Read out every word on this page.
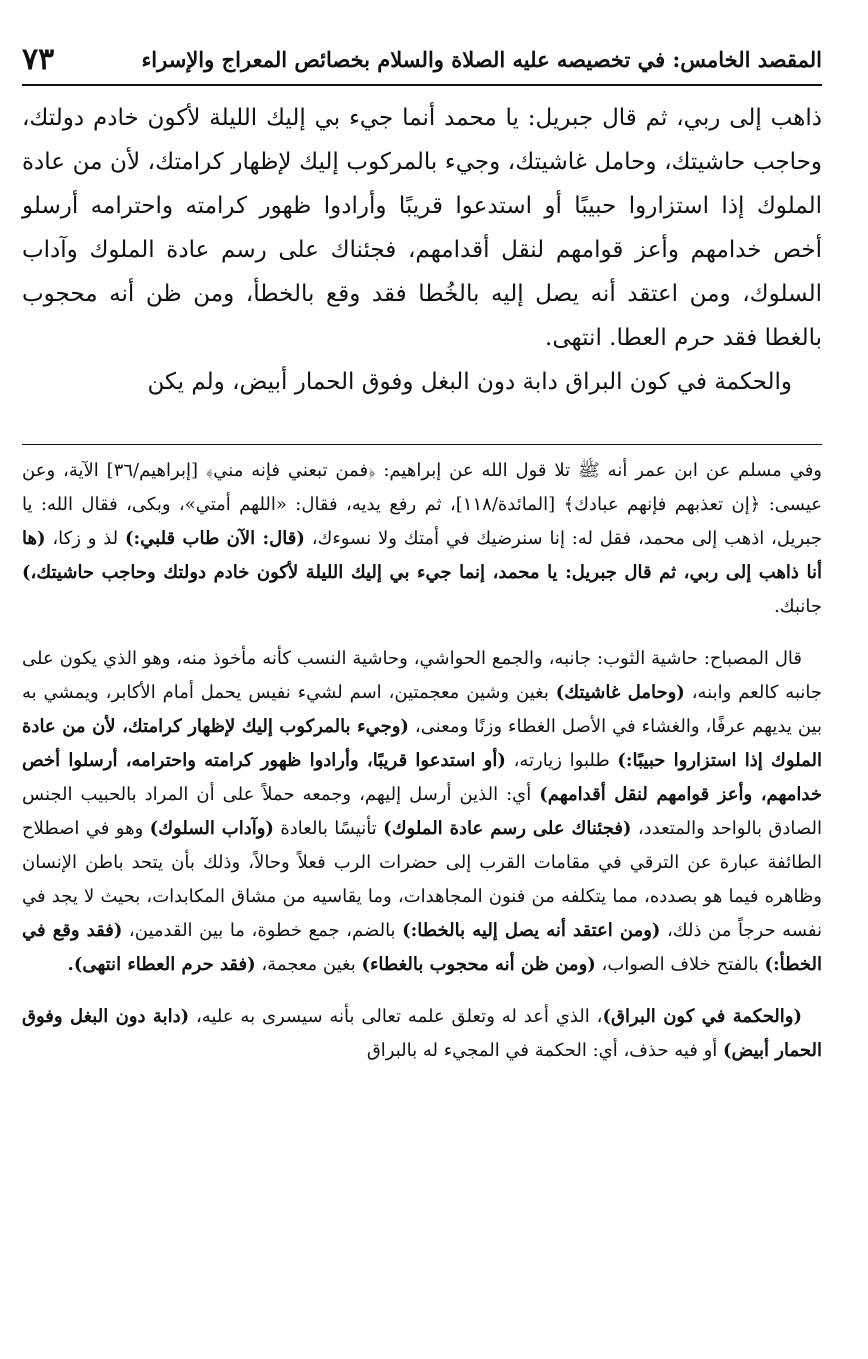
المقصد الخامس: في تخصيصه عليه الصلاة والسلام بخصائص المعراج والإسراء
٧٣

ذاهب إلى ربي، ثم قال جبريل: يا محمد أنما جيء بي إليك الليلة لأكون خادم دولتك، وحاجب حاشيتك، وحامل غاشيتك، وجيء بالمركوب إليك لإظهار كرامتك، لأن من عادة الملوك إذا استزاروا حبيبًا أو استدعوا قريبًا وأرادوا ظهور كرامته واحترامه أرسلو أخص خدامهم وأعز قوامهم لنقل أقدامهم، فجئناك على رسم عادة الملوك وآداب السلوك، ومن اعتقد أنه يصل إليه بالخُطا فقد وقع بالخطأ، ومن ظن أنه محجوب بالغطا فقد حرم العطا. انتهى.

والحكمة في كون البراق دابة دون البغل وفوق الحمار أبيض، ولم يكن

وفي مسلم عن ابن عمر أنه ﷺ تلا قول الله عن إبراهيم: ﴿فمن تبعني فإنه مني﴾ [إبراهيم/٣٦] الآية، وعن عيسى: ﴿إن تعذبهم فإنهم عبادك﴾ [المائدة/١١٨]، ثم رفع يديه، فقال: «اللهم أمتي»، وبكى، فقال الله: يا جبريل، اذهب إلى محمد، فقل له: إنا سنرضيك في أمتك ولا نسوءك، (قال: الآن طاب قلبي:) لذ و زكا، (ها أنا ذاهب إلى ربي، ثم قال جبريل: يا محمد، إنما جيء بي إليك الليلة لأكون خادم دولتك وحاجب حاشيتك،) جانبك.

قال المصباح: حاشية الثوب: جانبه، والجمع الحواشي، وحاشية النسب كأنه مأخوذ منه، وهو الذي يكون على جانبه كالعم وابنه، (وحامل غاشيتك) بغين وشين معجمتين، اسم لشيء نفيس يحمل أمام الأكابر، ويمشي به بين يديهم عرفًا، والغشاء في الأصل الغطاء وزنًا ومعنى، (وجيء بالمركوب إليك لإظهار كرامتك، لأن من عادة الملوك إذا استزاروا حبيبًا:) طلبوا زيارته، (أو استدعوا قريبًا، وأرادوا ظهور كرامته واحترامه، أرسلوا أخص خدامهم، وأعز قوامهم لنقل أقدامهم) أي: الذين أرسل إليهم، وجمعه حملاً على أن المراد بالحبيب الجنس الصادق بالواحد والمتعدد، (فجئناك على رسم عادة الملوك) تأنيسًا بالعادة (وآداب السلوك) وهو في اصطلاح الطائفة عبارة عن الترقي في مقامات القرب إلى حضرات الرب فعلاً وحالاً، وذلك بأن يتحد باطن الإنسان وظاهره فيما هو بصدده، مما يتكلفه من فنون المجاهدات، وما يقاسيه من مشاق المكابدات، بحيث لا يجد في نفسه حرجاً من ذلك، (ومن اعتقد أنه يصل إليه بالخطا:) بالضم، جمع خطوة، ما بين القدمين، (فقد وقع في الخطأ:) بالفتح خلاف الصواب، (ومن ظن أنه محجوب بالغطاء) بغين معجمة، (فقد حرم العطاء انتهى).

(والحكمة في كون البراق)، الذي أعد له وتعلق علمه تعالى بأنه سيسرى به عليه، (دابة دون البغل وفوق الحمار أبيض) أو فيه حذف، أي: الحكمة في المجيء له بالبراق
